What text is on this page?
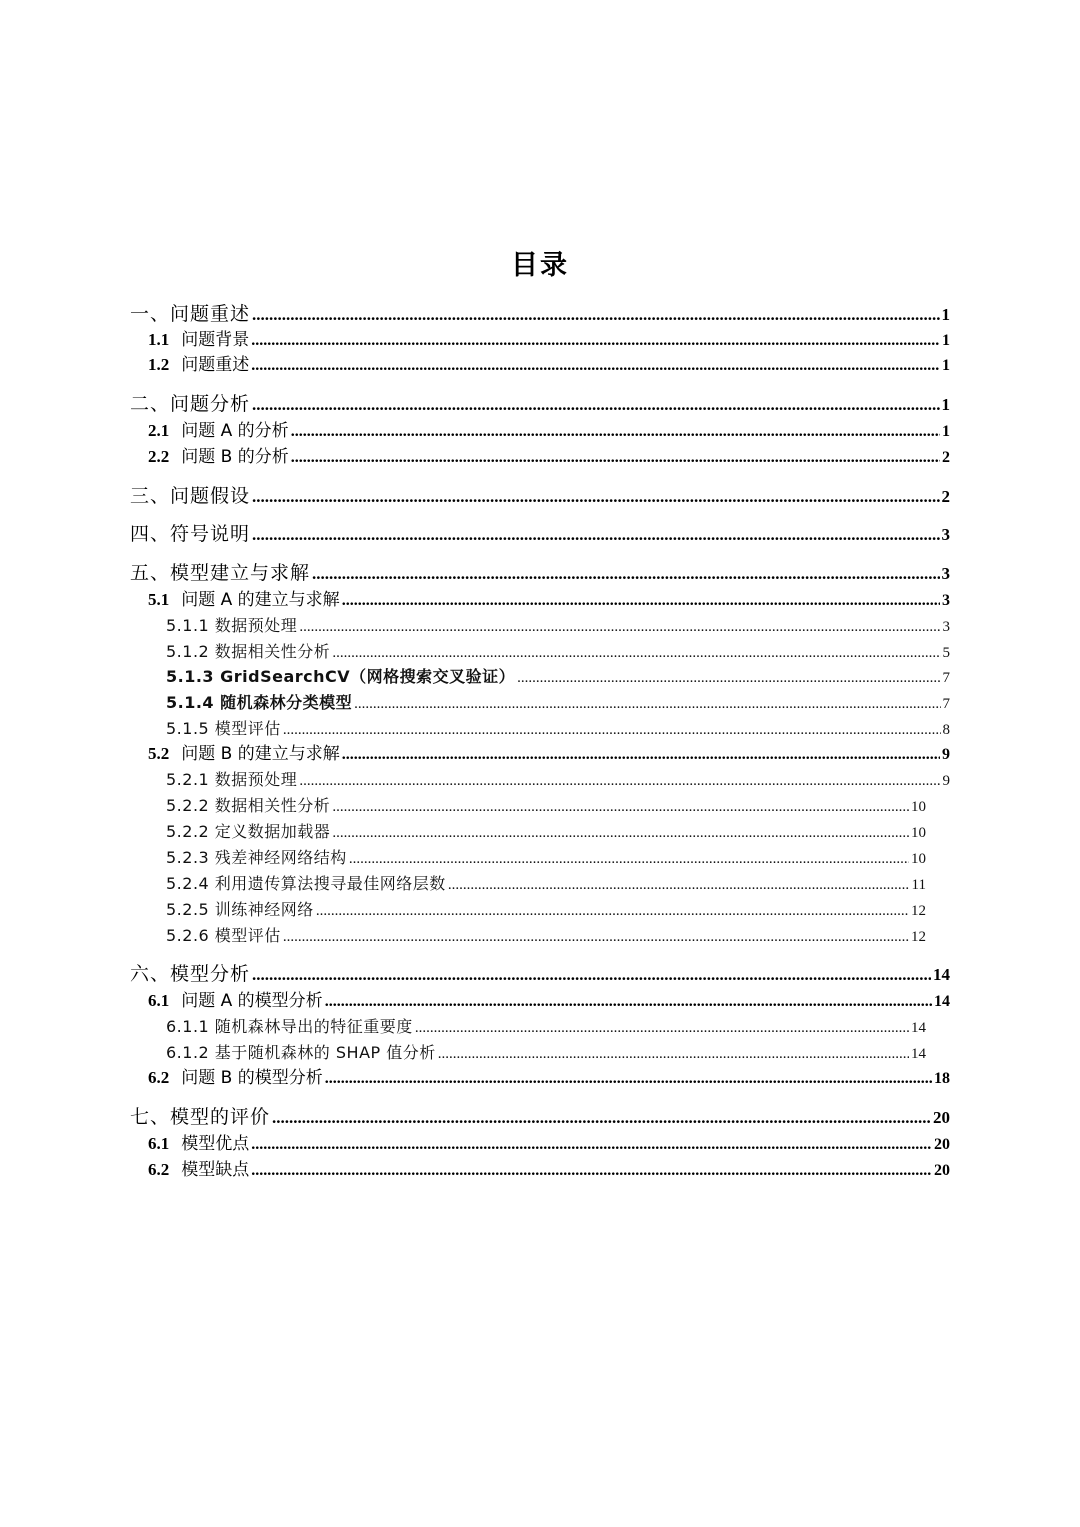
目录
一、问题重述 .....	1
1.1 问题背景 .....	1
1.2 问题重述 .....	1
二、问题分析 .....	1
2.1 问题 A 的分析 .....	1
2.2 问题 B 的分析 .....	2
三、问题假设 .....	2
四、符号说明 .....	3
五、模型建立与求解 .....	3
5.1 问题 A 的建立与求解 .....	3
5.1.1 数据预处理 .....	3
5.1.2 数据相关性分析 .....	5
5.1.3 GridSearchCV（网格搜索交叉验证） .....	7
5.1.4 随机森林分类模型 .....	7
5.1.5 模型评估 .....	8
5.2 问题 B 的建立与求解 .....	9
5.2.1 数据预处理 .....	9
5.2.2 数据相关性分析 .....	10
5.2.2 定义数据加载器 .....	10
5.2.3 残差神经网络结构 .....	10
5.2.4 利用遗传算法搜寻最佳网络层数 .....	11
5.2.5 训练神经网络 .....	12
5.2.6 模型评估 .....	12
六、模型分析 .....	14
6.1 问题 A 的模型分析 .....	14
6.1.1 随机森林导出的特征重要度 .....	14
6.1.2 基于随机森林的 SHAP 值分析 .....	14
6.2 问题 B 的模型分析 .....	18
七、模型的评价 .....	20
6.1 模型优点 .....	20
6.2 模型缺点 .....	20
